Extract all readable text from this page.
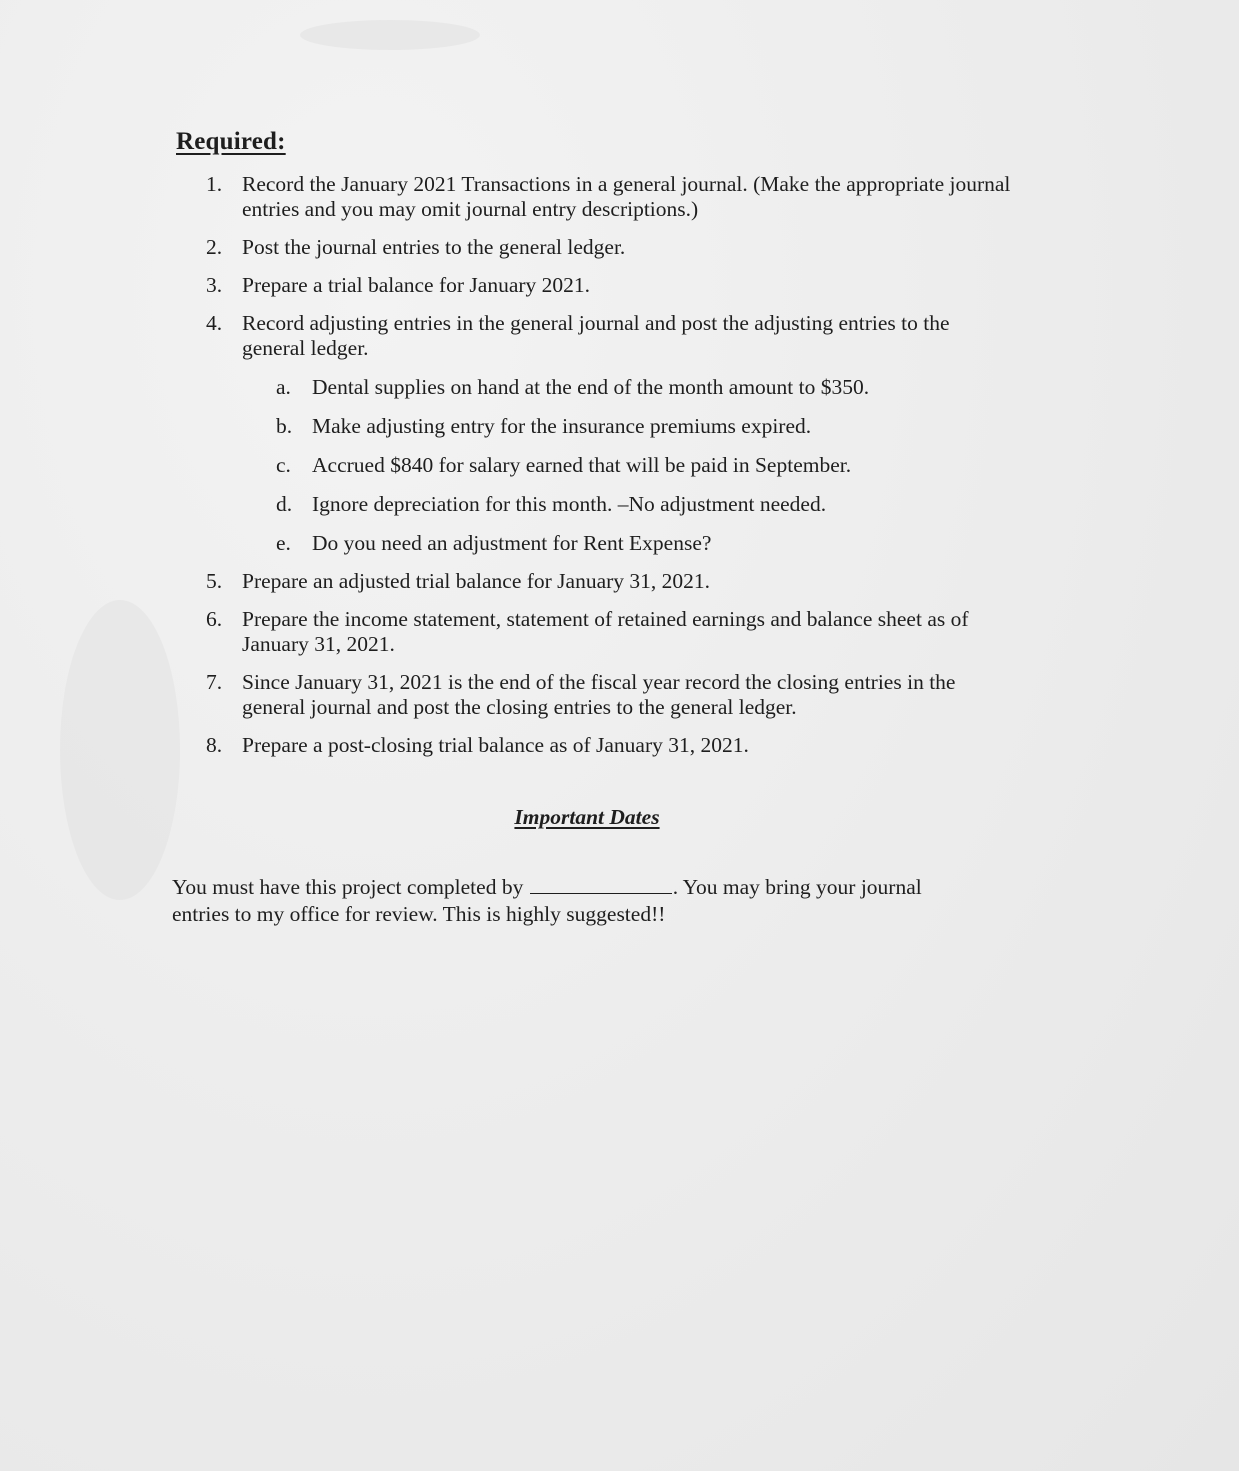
Required:
1. Record the January 2021 Transactions in a general journal. (Make the appropriate journal entries and you may omit journal entry descriptions.)
2. Post the journal entries to the general ledger.
3. Prepare a trial balance for January 2021.
4. Record adjusting entries in the general journal and post the adjusting entries to the general ledger.
a. Dental supplies on hand at the end of the month amount to $350.
b. Make adjusting entry for the insurance premiums expired.
c. Accrued $840 for salary earned that will be paid in September.
d. Ignore depreciation for this month. –No adjustment needed.
e. Do you need an adjustment for Rent Expense?
5. Prepare an adjusted trial balance for January 31, 2021.
6. Prepare the income statement, statement of retained earnings and balance sheet as of January 31, 2021.
7. Since January 31, 2021 is the end of the fiscal year record the closing entries in the general journal and post the closing entries to the general ledger.
8. Prepare a post-closing trial balance as of January 31, 2021.
Important Dates
You must have this project completed by	. You may bring your journal entries to my office for review. This is highly suggested!!
